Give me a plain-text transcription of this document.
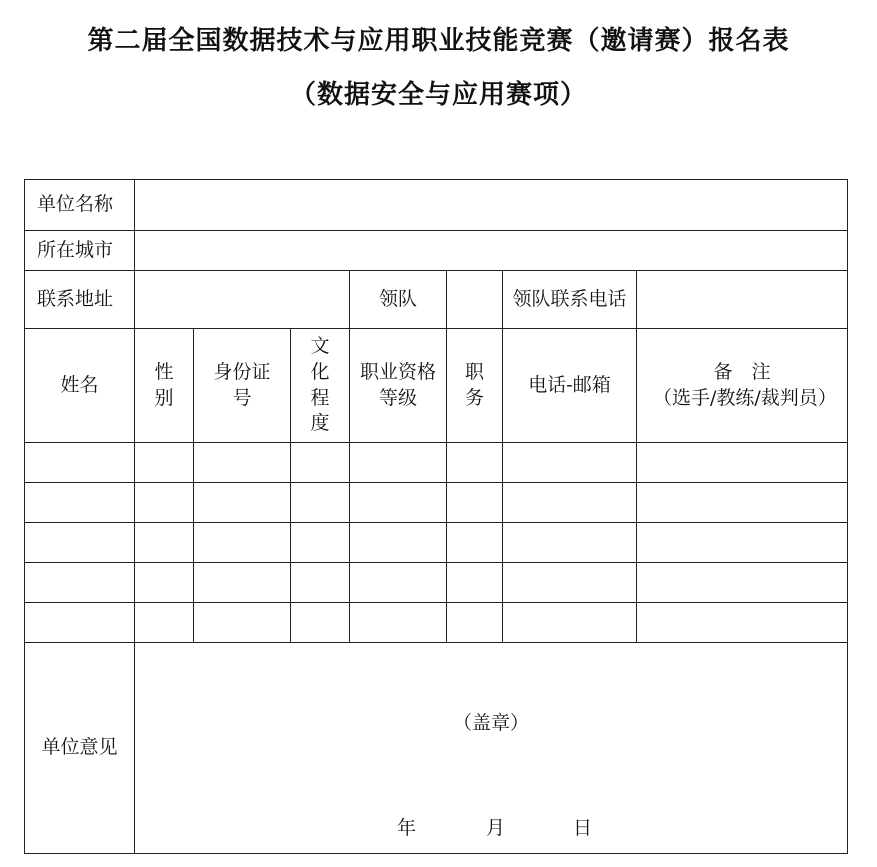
第二届全国数据技术与应用职业技能竞赛（邀请赛）报名表
（数据安全与应用赛项）
单位名称							
所在城市							
联系地址				领队		领队联系电话	
姓名	性别	身份证号	文化程度	职业资格等级	职务	电话-邮箱	备　注
（选手/教练/裁判员）

单位意见	（盖章）
年 月 日						
